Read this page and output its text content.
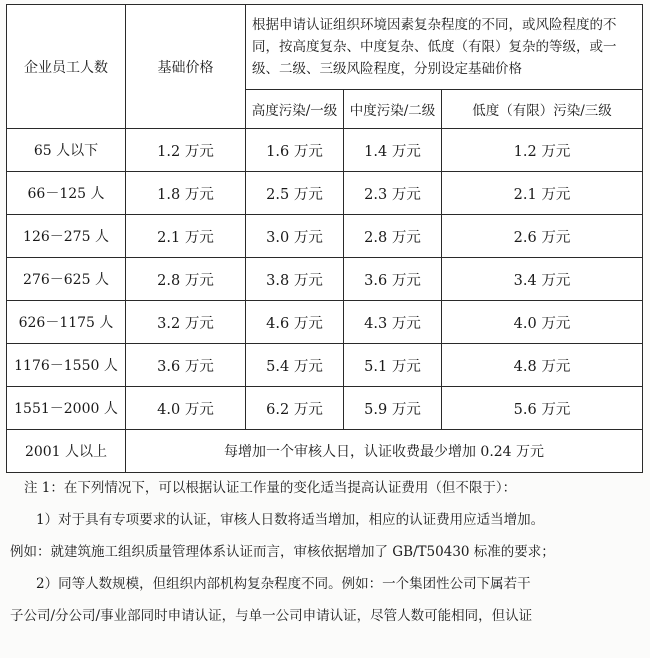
企业员工人数	基础价格	根据申请认证组织环境因素复杂程度的不同，或风险程度的不同，按高度复杂、中度复杂、低度（有限）复杂的等级，或一级、二级、三级风险程度，分别设定基础价格		
		高度污染/一级	中度污染/二级	低度（有限）污染/三级
65 人以下	1.2 万元	1.6 万元	1.4 万元	1.2 万元
66－125 人	1.8 万元	2.5 万元	2.3 万元	2.1 万元
126－275 人	2.1 万元	3.0 万元	2.8 万元	2.6 万元
276－625 人	2.8 万元	3.8 万元	3.6 万元	3.4 万元
626－1175 人	3.2 万元	4.6 万元	4.3 万元	4.0 万元
1176－1550 人	3.6 万元	5.4 万元	5.1 万元	4.8 万元
1551－2000 人	4.0 万元	6.2 万元	5.9 万元	5.6 万元
2001 人以上	每增加一个审核人日，认证收费最少增加 0.24 万元			
注 1：在下列情况下，可以根据认证工作量的变化适当提高认证费用（但不限于）：
1）对于具有专项要求的认证，审核人日数将适当增加，相应的认证费用应适当增加。
例如：就建筑施工组织质量管理体系认证而言，审核依据增加了 GB/T50430 标准的要求；
2）同等人数规模，但组织内部机构复杂程度不同。例如：一个集团性公司下属若干
子公司/分公司/事业部同时申请认证，与单一公司申请认证，尽管人数可能相同，但认证
